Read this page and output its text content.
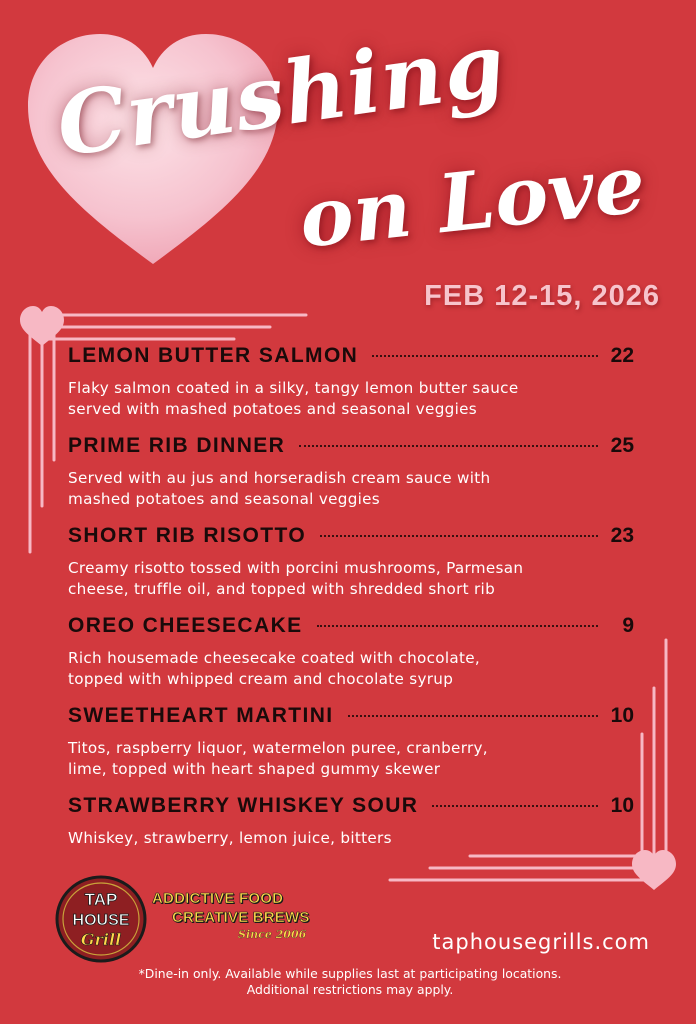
Crushing
on Love
FEB 12-15, 2026
LEMON BUTTER SALMON	22
Flaky salmon coated in a silky, tangy lemon butter sauce
served with mashed potatoes and seasonal veggies
PRIME RIB DINNER	25
Served with au jus and horseradish cream sauce with
mashed potatoes and seasonal veggies
SHORT RIB RISOTTO	23
Creamy risotto tossed with porcini mushrooms, Parmesan
cheese, truffle oil, and topped with shredded short rib
OREO CHEESECAKE	9
Rich housemade cheesecake coated with chocolate,
topped with whipped cream and chocolate syrup
SWEETHEART MARTINI	10
Titos, raspberry liquor, watermelon puree, cranberry,
lime, topped with heart shaped gummy skewer
STRAWBERRY WHISKEY SOUR	10
Whiskey, strawberry, lemon juice, bitters
TAP
HOUSE
Grill
ADDICTIVE FOOD
CREATIVE BREWS
Since 2006	taphousegrills.com
*Dine-in only. Available while supplies last at participating locations. Additional restrictions may apply.
